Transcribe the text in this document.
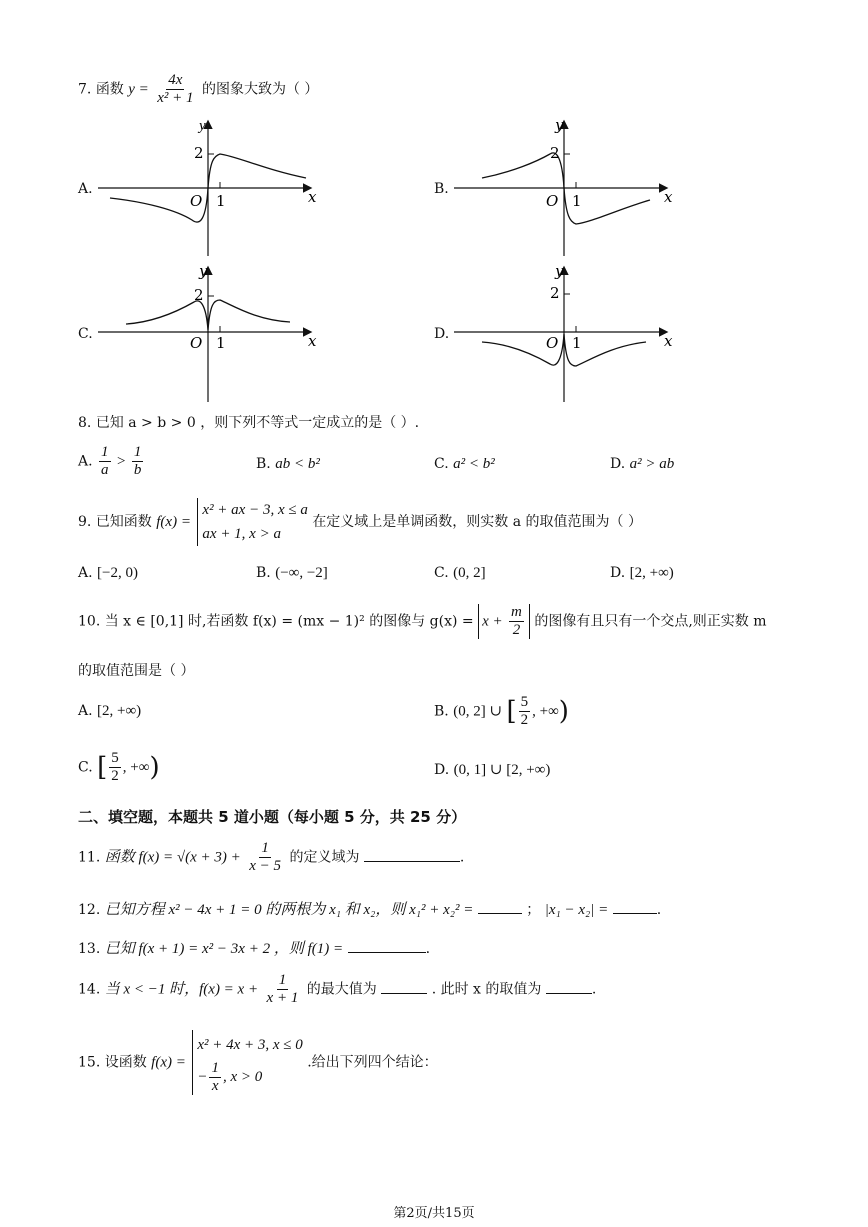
7. 函数 $y = \frac{4x}{\text{x² + 1}}$ 的图象大致为（ ）
A.	B.
C.	D.
y
2
O 1	x
y
2
O 1	x
y
2
O 1	x
y
2
O 1	x
8. 已知 a > b > 0 ，则下列不等式一定成立的是（ ）.
A. $\frac{1}{a} > \frac{1}{b}$	B. ab < b²	C. a² < b²	D. a² > ab
9. 已知函数 f(x) =
x² + ax − 3, x ≤ a
ax + 1, x > a
在定义域上是单调函数，则实数 a 的取值范围为（ ）
A. [−2, 0)	B. (−∞, −2]	C. (0, 2]	D. [2, +∞)
10. 当 x ∈ [0,1] 时,若函数 f(x) = (mx − 1)² 的图像与 $g(x) = x + \frac{m}{2}$ 的图像有且只有一个交点,则正实数 m
的取值范围是（ ）
A. [2, +∞)	B. (0, 2] ∪ [ $\frac{5}{2}$ , +∞)
C. [ $\frac{5}{2}$ , +∞)	D. (0, 1] ∪ [2, +∞)
二、填空题，本题共 5 道小题（每小题 5 分，共 25 分）
11. 函数 $f(x) = √(x + 3) + \frac{1}{x - 5}$ 的定义域为	.
12. 已知方程 x² − 4x + 1 = 0 的两根为 x₁ 和 x₂，则 x₁² + x₂² =	； |x₁ − x₂| =	.
13. 已知 f(x + 1) = x² − 3x + 2 ，则 f(1) =	.
14. 当 x < −1 时，$f(x) = x + \frac{1}{x + 1}$ 的最大值为	. 此时 x 的取值为	.
15. 设函数 f(x) =
x² + 4x + 3, x ≤ 0
− $\frac{1}{x}$ , x > 0
.给出下列四个结论：
第2页/共15页
